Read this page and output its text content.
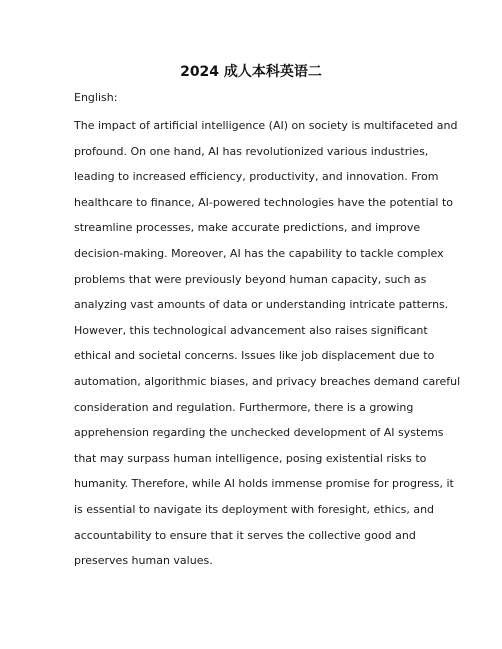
2024 成人本科英语二
English:
The impact of artificial intelligence (AI) on society is multifaceted and
profound. On one hand, AI has revolutionized various industries,
leading to increased efficiency, productivity, and innovation. From
healthcare to finance, AI-powered technologies have the potential to
streamline processes, make accurate predictions, and improve
decision-making. Moreover, AI has the capability to tackle complex
problems that were previously beyond human capacity, such as
analyzing vast amounts of data or understanding intricate patterns.
However, this technological advancement also raises significant
ethical and societal concerns. Issues like job displacement due to
automation, algorithmic biases, and privacy breaches demand careful
consideration and regulation. Furthermore, there is a growing
apprehension regarding the unchecked development of AI systems
that may surpass human intelligence, posing existential risks to
humanity. Therefore, while AI holds immense promise for progress, it
is essential to navigate its deployment with foresight, ethics, and
accountability to ensure that it serves the collective good and
preserves human values.
